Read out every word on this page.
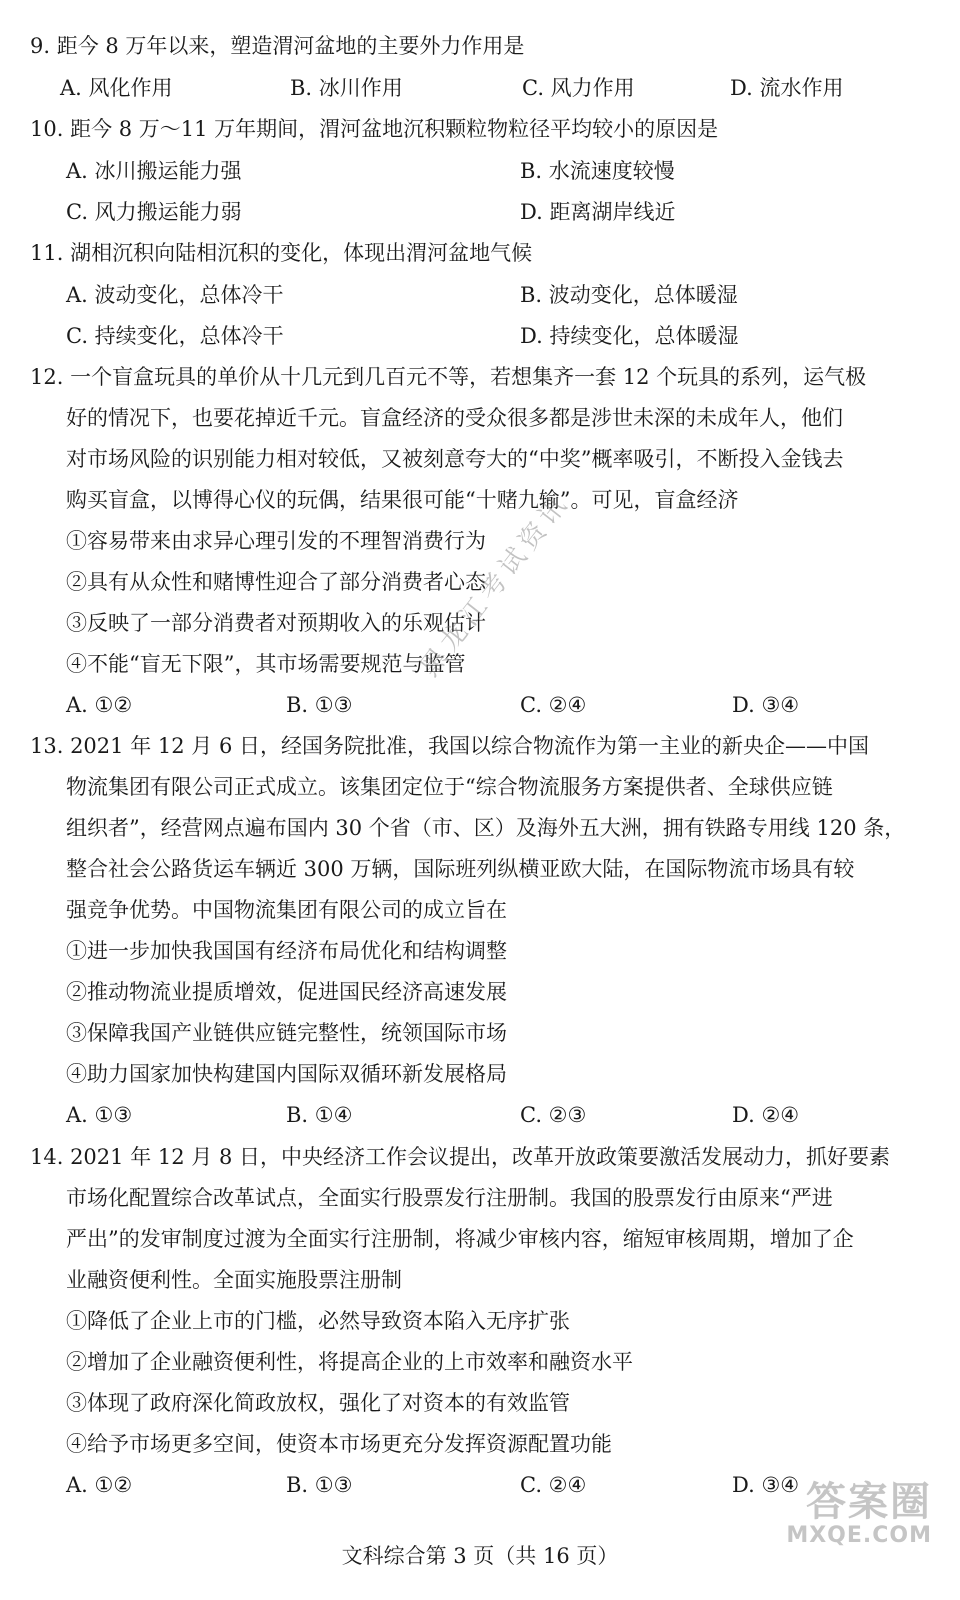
9. 距今 8 万年以来，塑造渭河盆地的主要外力作用是
A. 风化作用	B. 冰川作用	C. 风力作用	D. 流水作用
10. 距今 8 万～11 万年期间，渭河盆地沉积颗粒物粒径平均较小的原因是
A. 冰川搬运能力强	B. 水流速度较慢
C. 风力搬运能力弱	D. 距离湖岸线近
11. 湖相沉积向陆相沉积的变化，体现出渭河盆地气候
A. 波动变化，总体冷干	B. 波动变化，总体暖湿
C. 持续变化，总体冷干	D. 持续变化，总体暖湿
12. 一个盲盒玩具的单价从十几元到几百元不等，若想集齐一套 12 个玩具的系列，运气极
好的情况下，也要花掉近千元。盲盒经济的受众很多都是涉世未深的未成年人，他们
对市场风险的识别能力相对较低，又被刻意夸大的“中奖”概率吸引，不断投入金钱去
购买盲盒，以博得心仪的玩偶，结果很可能“十赌九输”。可见，盲盒经济
①容易带来由求异心理引发的不理智消费行为
②具有从众性和赌博性迎合了部分消费者心态
③反映了一部分消费者对预期收入的乐观估计
④不能“盲无下限”，其市场需要规范与监管
A. ①②	B. ①③	C. ②④	D. ③④
13. 2021 年 12 月 6 日，经国务院批准，我国以综合物流作为第一主业的新央企——中国
物流集团有限公司正式成立。该集团定位于“综合物流服务方案提供者、全球供应链
组织者”，经营网点遍布国内 30 个省（市、区）及海外五大洲，拥有铁路专用线 120 条，
整合社会公路货运车辆近 300 万辆，国际班列纵横亚欧大陆，在国际物流市场具有较
强竞争优势。中国物流集团有限公司的成立旨在
①进一步加快我国国有经济布局优化和结构调整
②推动物流业提质增效，促进国民经济高速发展
③保障我国产业链供应链完整性，统领国际市场
④助力国家加快构建国内国际双循环新发展格局
A. ①③	B. ①④	C. ②③	D. ②④
14. 2021 年 12 月 8 日，中央经济工作会议提出，改革开放政策要激活发展动力，抓好要素
市场化配置综合改革试点，全面实行股票发行注册制。我国的股票发行由原来“严进
严出”的发审制度过渡为全面实行注册制，将减少审核内容，缩短审核周期，增加了企
业融资便利性。全面实施股票注册制
①降低了企业上市的门槛，必然导致资本陷入无序扩张
②增加了企业融资便利性，将提高企业的上市效率和融资水平
③体现了政府深化简政放权，强化了对资本的有效监管
④给予市场更多空间，使资本市场更充分发挥资源配置功能
A. ①②	B. ①③	C. ②④	D. ③④
文科综合第 3 页（共 16 页）
黑龙江考试资讯
答案圈
MXQE.COM
